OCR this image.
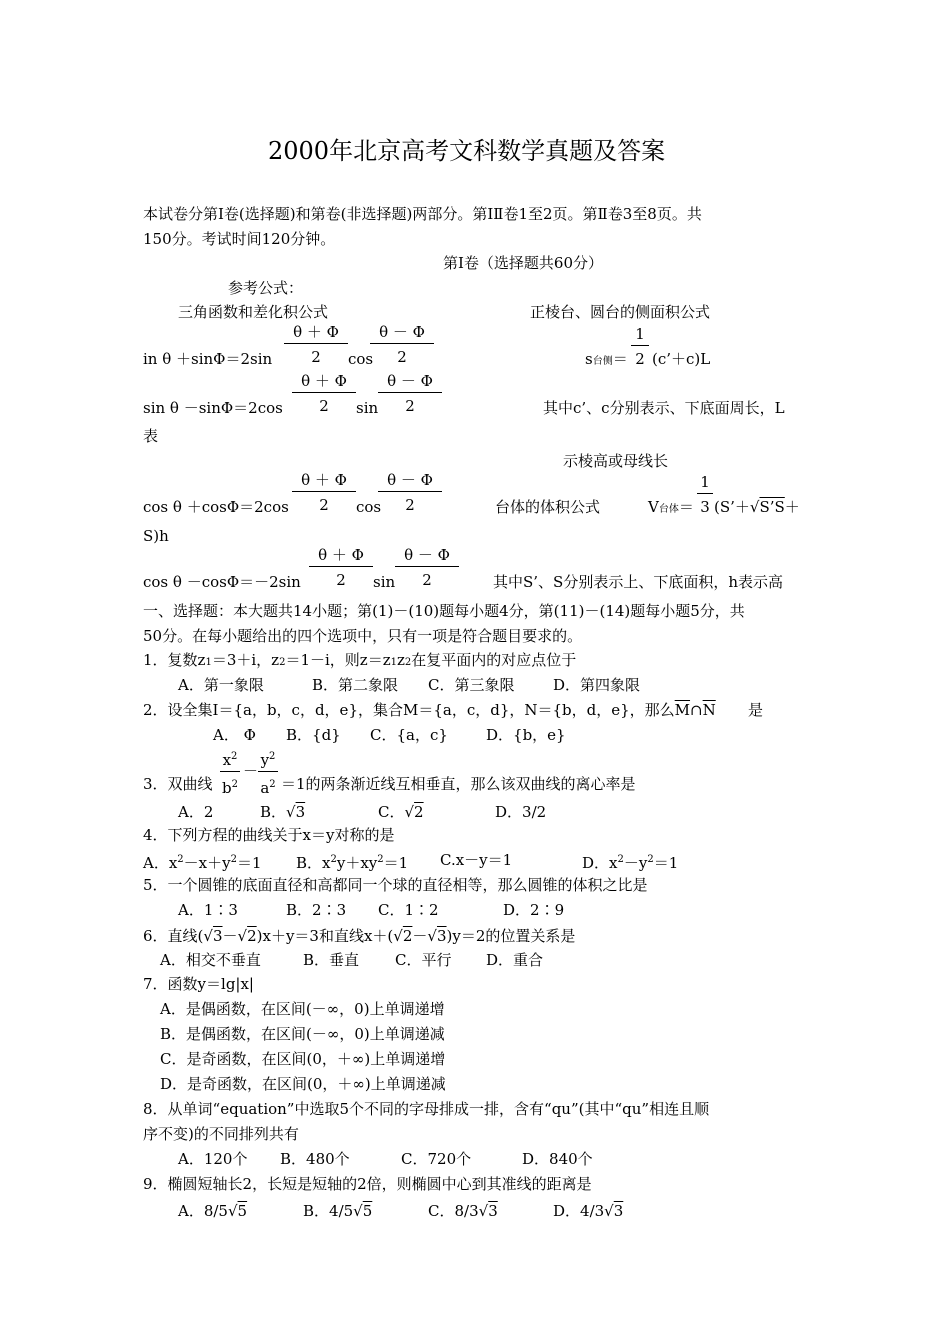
2000年北京高考文科数学真题及答案
本试卷分第Ⅰ卷(选择题)和第卷(非选择题)两部分。第ⅠⅡ卷1至2页。第Ⅱ卷3至8页。共
150分。考试时间120分钟。
第Ⅰ卷（选择题共60分）
参考公式：
三角函数和差化积公式	正棱台、圆台的侧面积公式
$\frac{\theta + \Phi}{2} \frac{\theta - \Phi}{2}$
in θ ＋sinΦ＝2sin	cos	$\frac{1}{2}$
s台侧＝ (c’＋c)L
$\frac{\theta + \Phi}{2} \frac{\theta - \Phi}{2}$
sin θ －sinΦ＝2cos	sin	其中c’、c分别表示、下底面周长，L
表
示棱高或母线长
$\frac{\theta + \Phi}{2} \frac{\theta - \Phi}{2}$
cos θ ＋cosΦ＝2cos	cos	台体的体积公式	$\frac{1}{3}$
V台体＝ (S’＋√S’S＋
S)h
$\frac{\theta + \Phi}{2} \frac{\theta - \Phi}{2}$
cos θ －cosΦ＝－2sin	sin	其中S’、S分别表示上、下底面积，h表示高
一、选择题：本大题共14小题；第(1)－(10)题每小题4分，第(11)－(14)题每小题5分，共
50分。在每小题给出的四个选项中，只有一项是符合题目要求的。
1．复数z1＝3＋i，z2＝1－i，则z＝z1z2在复平面内的对应点位于
A．第一象限	B．第二象限 C．第三象限	D．第四象限
2．设全集I＝{a，b，c，d，e}，集合M＝{a，c，d}，N＝{b，d，e}，那么$\overline{M}\cap\overline{N}$ 是
A． Φ B．{d} C．{a，c}	D．{b，e}
$\frac{x^2}{b^2} - \frac{y^2}{a^2}$
3．双曲线	＝1的两条渐近线互相垂直，那么该双曲线的离心率是
A．2	B．√3	C．√2	D．3/2
4．下列方程的曲线关于x＝y对称的是
A．$x^2-x+y^2=1$ B．$x^2y+xy^2=1$ C.x－y＝1	D．$x^2-y^2=1$
5．一个圆锥的底面直径和高都同一个球的直径相等，那么圆锥的体积之比是
A．1∶3	B．2∶3 C．1∶2	D．2∶9
6．直线(√3－√2)x＋y＝3和直线x＋(√2－√3)y＝2的位置关系是
A．相交不垂直	B．垂直 C．平行 D．重合
7．函数y＝lg|x|
A．是偶函数，在区间(－∞，0)上单调递增
B．是偶函数，在区间(－∞，0)上单调递减
C．是奇函数，在区间(0，＋∞)上单调递增
D．是奇函数，在区间(0，＋∞)上单调递减
8．从单词“equation”中选取5个不同的字母排成一排，含有“qu”(其中“qu”相连且顺
序不变)的不同排列共有
A．120个 B．480个	C．720个	D．840个
9．椭圆短轴长2，长短是短轴的2倍，则椭圆中心到其准线的距离是
A．8/5√5	B．4/5√5	C．8/3√3	D．4/3√3
